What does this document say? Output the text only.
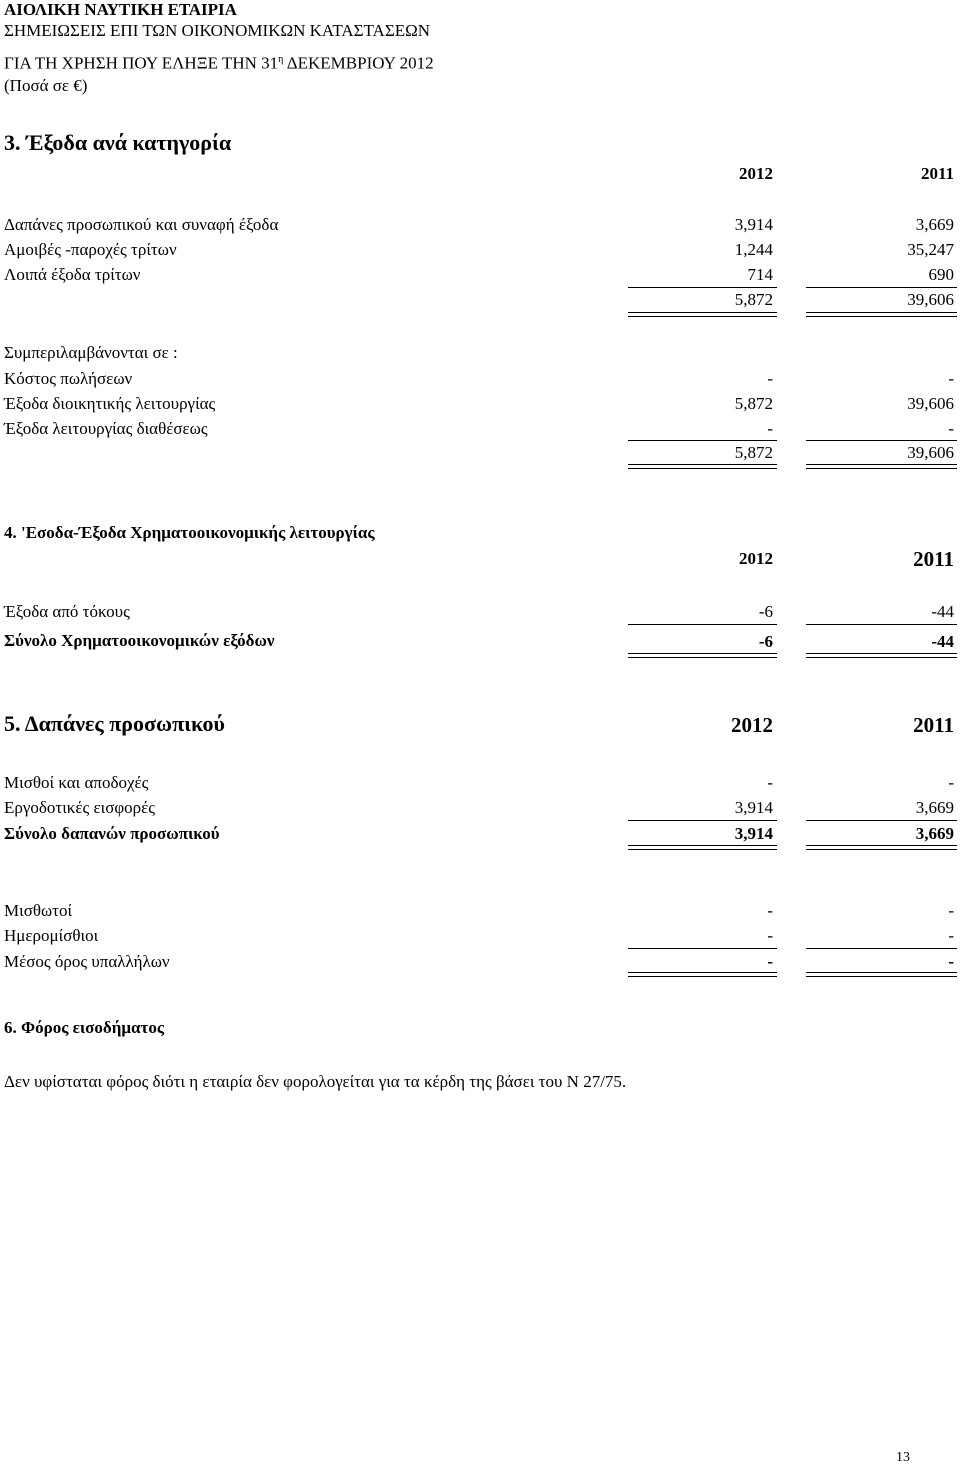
ΑΙΟΛΙΚΗ ΝΑΥΤΙΚΗ ΕΤΑΙΡΙΑ
ΣΗΜΕΙΩΣΕΙΣ ΕΠΙ ΤΩΝ ΟΙΚΟΝΟΜΙΚΩΝ ΚΑΤΑΣΤΑΣΕΩΝ
ΓΙΑ ΤΗ ΧΡΗΣΗ ΠΟΥ ΕΛΗΞΕ ΤΗΝ $31^\eta$ ΔΕΚΕΜΒΡΙΟΥ 2012
(Ποσά σε €)
3. Έξοδα ανά κατηγορία
2012	2011
Δαπάνες προσωπικού και συναφή έξοδα	3,914	3,669
Αμοιβές -παροχές τρίτων	1,244	35,247
Λοιπά έξοδα τρίτων	714	690
5,872	39,606
Συμπεριλαμβάνονται σε :
Κόστος πωλήσεων	-	-
Έξοδα διοικητικής λειτουργίας	5,872	39,606
Έξοδα λειτουργίας διαθέσεως	-	-
5,872	39,606
4. 'Εσοδα-Έξοδα Χρηματοοικονομικής λειτουργίας
2012	2011
Έξοδα από τόκους	-6	-44
Σύνολο Χρηματοοικονομικών εξόδων	-6	-44
5. Δαπάνες προσωπικού	2012	2011
Μισθοί και αποδοχές	-	-
Εργοδοτικές εισφορές	3,914	3,669
Σύνολο δαπανών προσωπικού	3,914	3,669
Μισθωτοί	-	-
Ημερομίσθιοι	-	-
Μέσος όρος υπαλλήλων	-	-
6. Φόρος εισοδήματος
Δεν υφίσταται φόρος διότι η εταιρία δεν φορολογείται για τα κέρδη της βάσει του Ν 27/75.
13
